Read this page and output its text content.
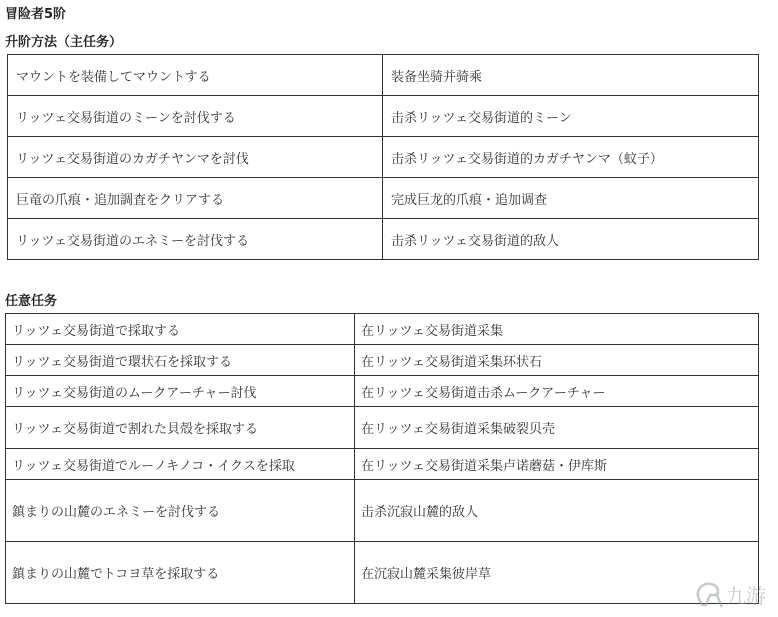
冒险者5阶
升阶方法（主任务）
マウントを装備してマウントする	装备坐骑并骑乘
リッツェ交易街道のミーンを討伐する	击杀リッツェ交易街道的ミーン
リッツェ交易街道のカガチヤンマを討伐	击杀リッツェ交易街道的カガチヤンマ（蚊子）
巨竜の爪痕・追加調査をクリアする	完成巨龙的爪痕・追加调查
リッツェ交易街道のエネミーを討伐する	击杀リッツェ交易街道的敌人
任意任务
リッツェ交易街道で採取する	在リッツェ交易街道采集
リッツェ交易街道で環状石を採取する	在リッツェ交易街道采集环状石
リッツェ交易街道のムークアーチャー討伐	在リッツェ交易街道击杀ムークアーチャー
リッツェ交易街道で割れた貝殻を採取する	在リッツェ交易街道采集破裂贝壳
リッツェ交易街道でルーノキノコ・イクスを採取	在リッツェ交易街道采集卢诺蘑菇・伊库斯
鎮まりの山麓のエネミーを討伐する	击杀沉寂山麓的敌人
鎮まりの山麓でトコヨ草を採取する	在沉寂山麓采集彼岸草
九游
